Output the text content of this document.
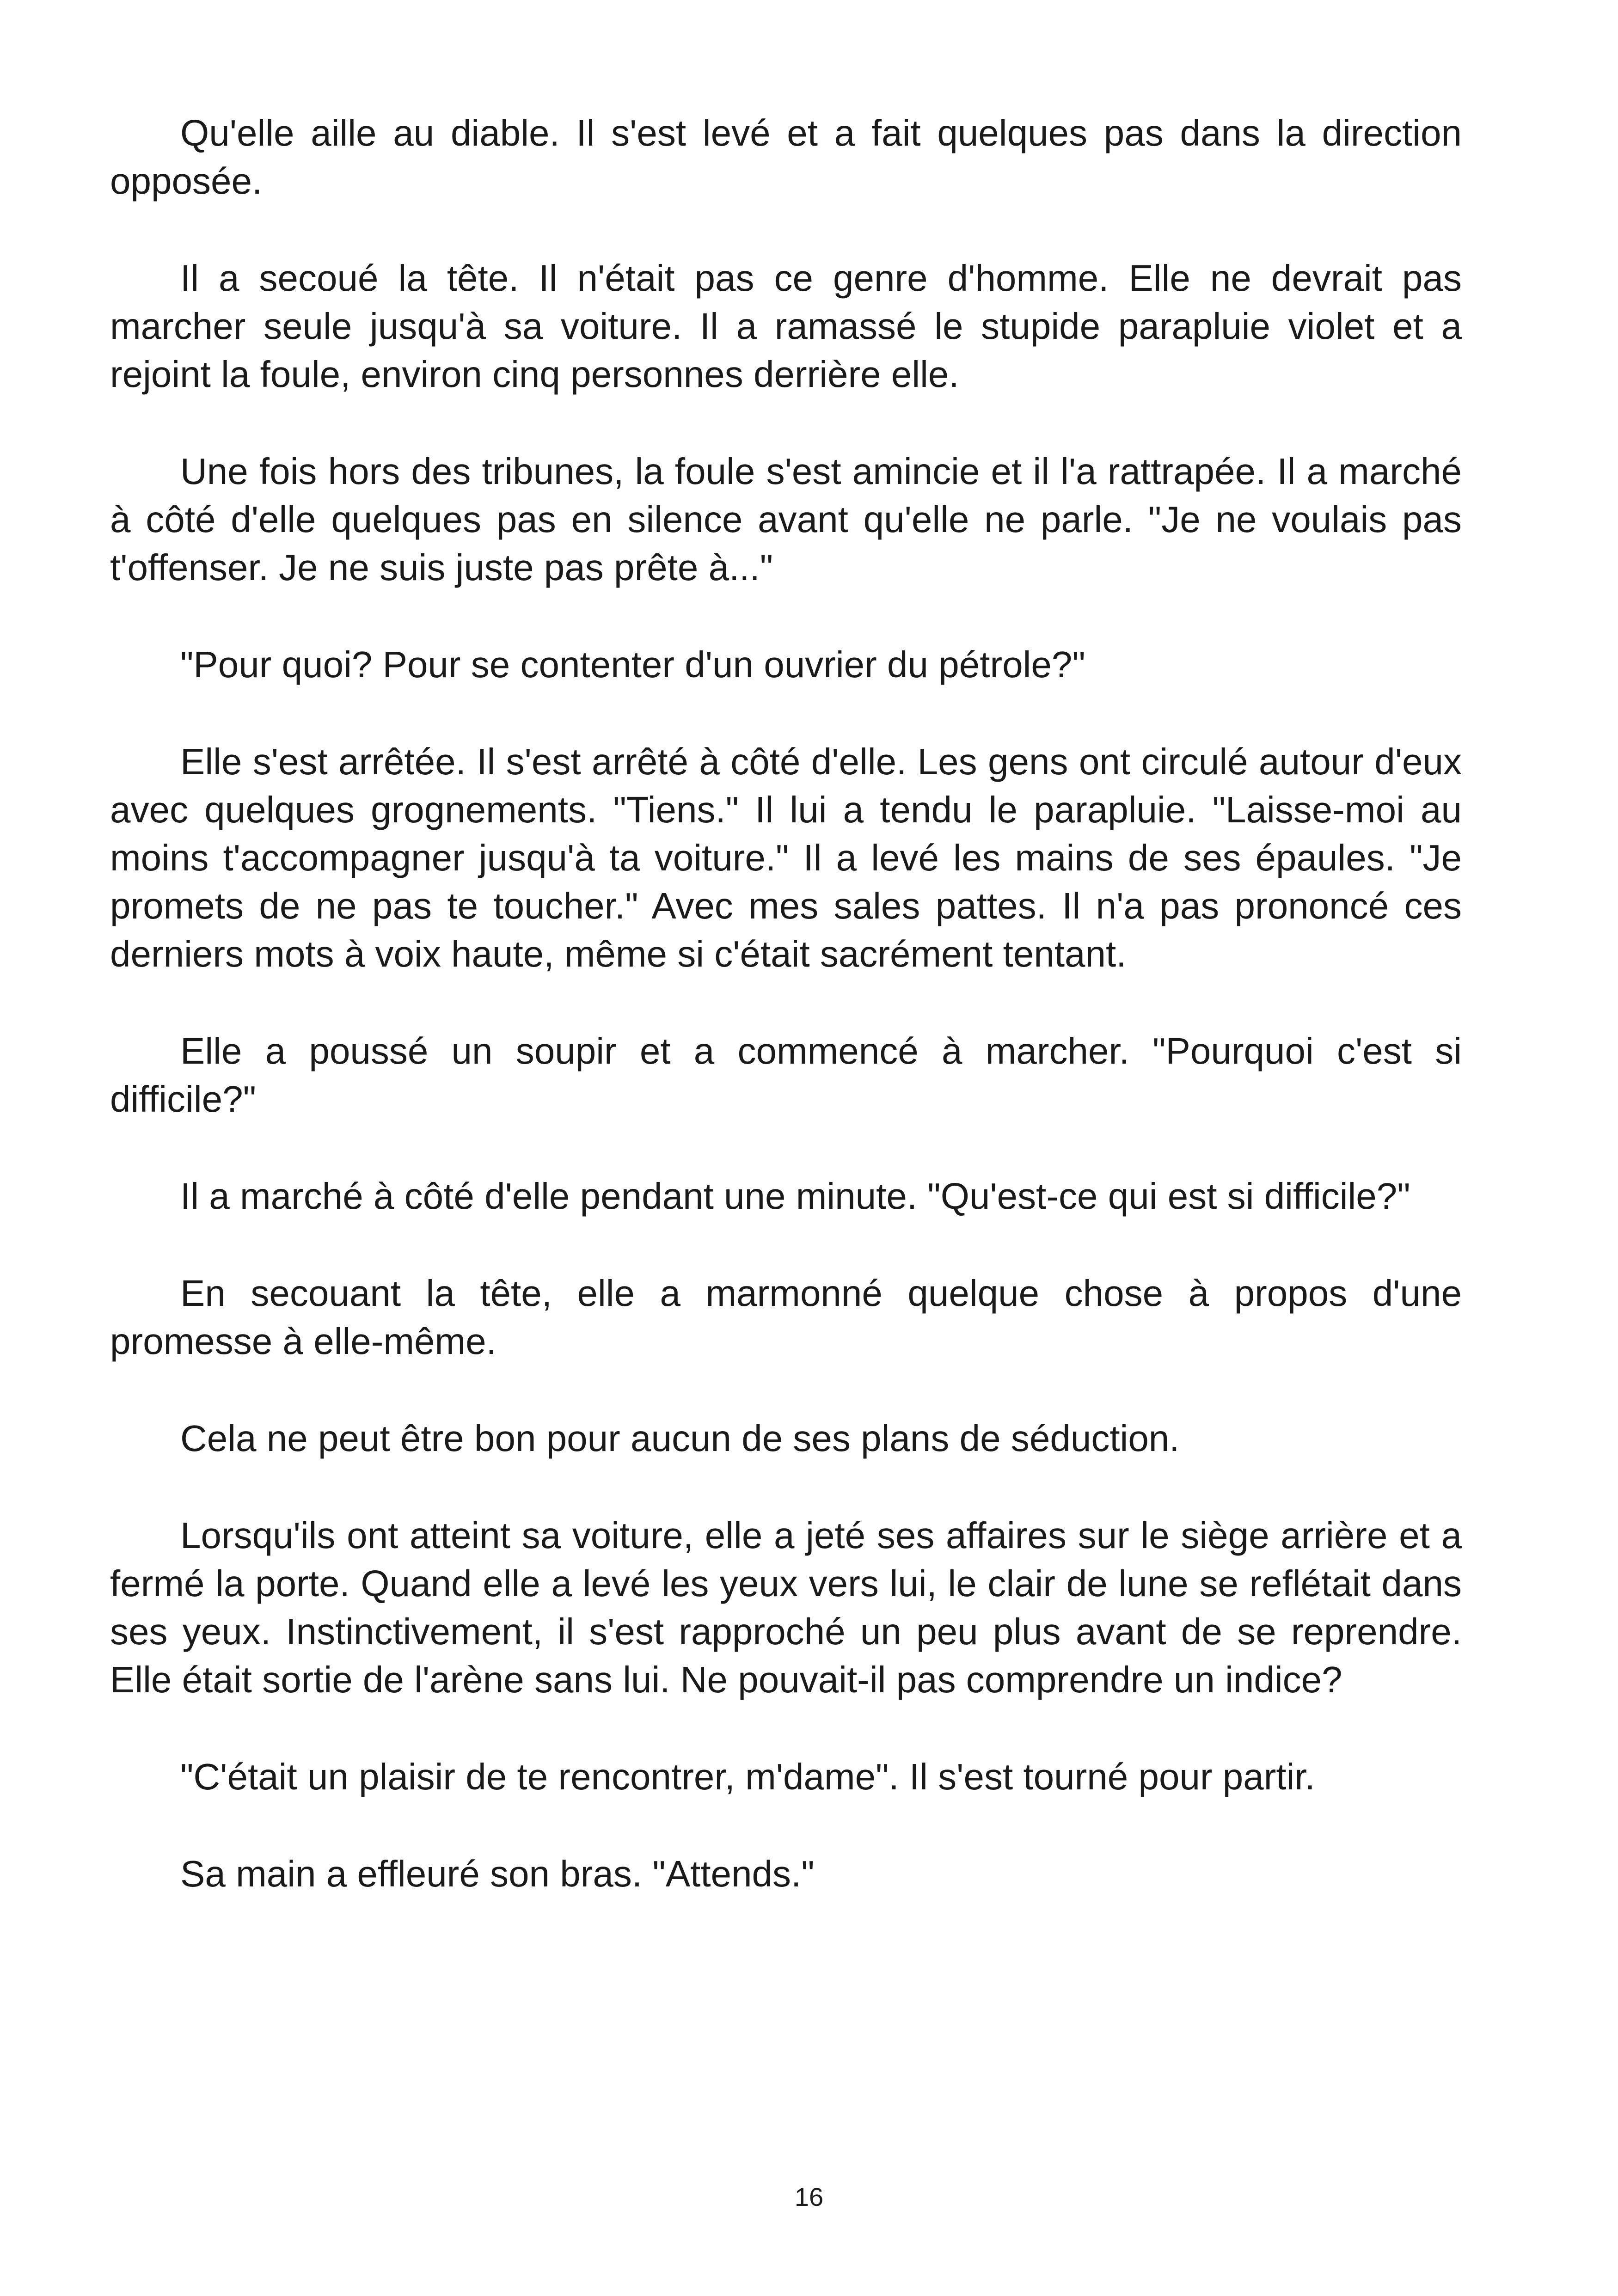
Qu'elle aille au diable. Il s'est levé et a fait quelques pas dans la direction opposée.

Il a secoué la tête. Il n'était pas ce genre d'homme. Elle ne devrait pas marcher seule jusqu'à sa voiture. Il a ramassé le stupide parapluie violet et a rejoint la foule, environ cinq personnes derrière elle.

Une fois hors des tribunes, la foule s'est amincie et il l'a rattrapée. Il a marché à côté d'elle quelques pas en silence avant qu'elle ne parle. "Je ne voulais pas t'offenser. Je ne suis juste pas prête à..."

"Pour quoi? Pour se contenter d'un ouvrier du pétrole?"

Elle s'est arrêtée. Il s'est arrêté à côté d'elle. Les gens ont circulé autour d'eux avec quelques grognements. "Tiens." Il lui a tendu le parapluie. "Laisse-moi au moins t'accompagner jusqu'à ta voiture." Il a levé les mains de ses épaules. "Je promets de ne pas te toucher." Avec mes sales pattes. Il n'a pas prononcé ces derniers mots à voix haute, même si c'était sacrément tentant.

Elle a poussé un soupir et a commencé à marcher. "Pourquoi c'est si difficile?"

Il a marché à côté d'elle pendant une minute. "Qu'est-ce qui est si difficile?"

En secouant la tête, elle a marmonné quelque chose à propos d'une promesse à elle-même.

Cela ne peut être bon pour aucun de ses plans de séduction.

Lorsqu'ils ont atteint sa voiture, elle a jeté ses affaires sur le siège arrière et a fermé la porte. Quand elle a levé les yeux vers lui, le clair de lune se reflétait dans ses yeux. Instinctivement, il s'est rapproché un peu plus avant de se reprendre. Elle était sortie de l'arène sans lui. Ne pouvait-il pas comprendre un indice?

"C'était un plaisir de te rencontrer, m'dame". Il s'est tourné pour partir.

Sa main a effleuré son bras. "Attends."

16
